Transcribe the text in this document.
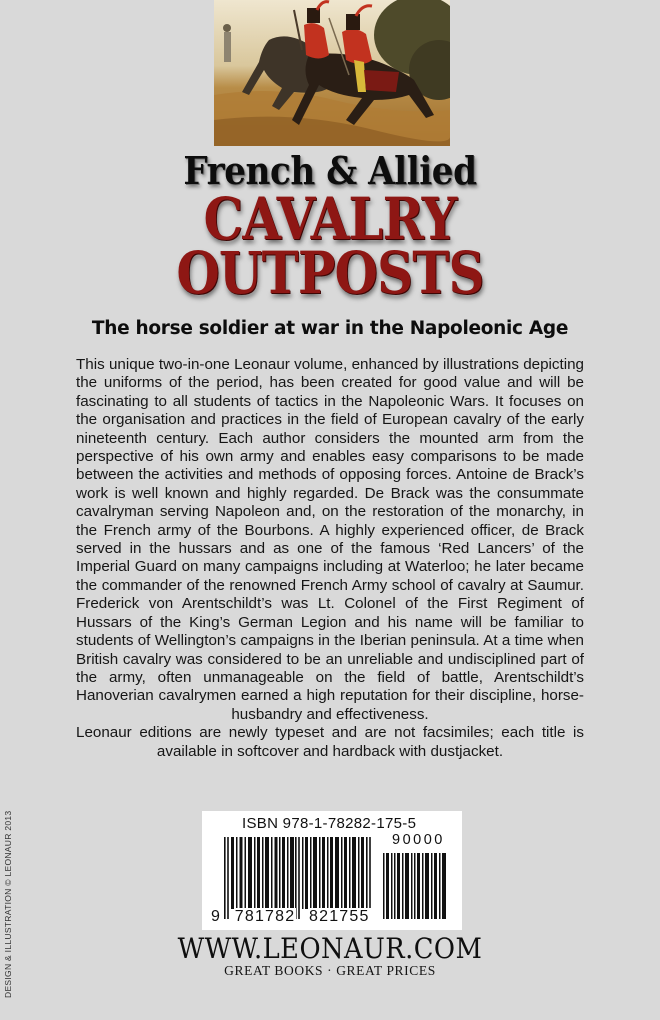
French & Allied
CAVALRY
OUTPOSTS
The horse soldier at war in the Napoleonic Age

This unique two-in-one Leonaur volume, enhanced by illustrations depicting the uniforms of the period, has been created for good value and will be fascinating to all students of tactics in the Napoleonic Wars. It focuses on the organisation and practices in the field of European cavalry of the early nineteenth century. Each author considers the mounted arm from the perspective of his own army and enables easy comparisons to be made between the activities and methods of opposing forces. Antoine de Brack’s work is well known and highly regarded. De Brack was the consummate cavalryman serving Napoleon and, on the restoration of the monarchy, in the French army of the Bourbons. A highly experienced officer, de Brack served in the hussars and as one of the famous ‘Red Lancers’ of the Imperial Guard on many campaigns including at Waterloo; he later became the commander of the renowned French Army school of cavalry at Saumur. Frederick von Arentschildt’s was Lt. Colonel of the First Regiment of Hussars of the King’s German Legion and his name will be familiar to students of Wellington’s campaigns in the Iberian peninsula. At a time when British cavalry was considered to be an unreliable and undisciplined part of the army, often unmanageable on the field of battle, Arentschildt’s Hanoverian cavalrymen earned a high reputation for their discipline, horse-husbandry and effectiveness.

Leonaur editions are newly typeset and are not facsimiles; each title is available in softcover and hardback with dustjacket.

DESIGN & ILLUSTRATION © LEONAUR 2013	ISBN 978-1-78282-175-5
90000
9 781782 821755
WWW.LEONAUR.COM
GREAT BOOKS · GREAT PRICES
